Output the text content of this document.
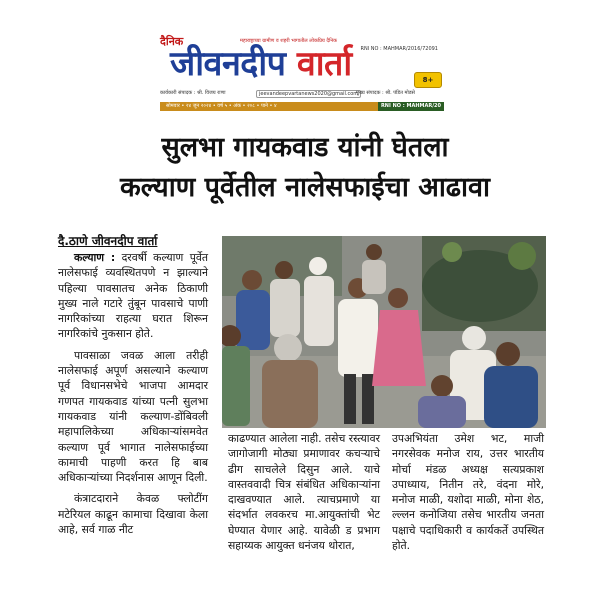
दैनिक	महाराष्ट्राच्या ग्रामीण व शहरी भागातील लोकप्रिय दैनिक
जीवनदीप वार्ता RNI NO : MAHMAR/2016/72091
8+
कार्यकारी संपादक : श्री. विजय राणा	jeevandeepvartanews2020@gmail.com
मुख्य संपादक : श्री. पंडित मोडसे
सोमवार • २४ जून २०२४ • वर्ष ५ • अंक • २०८ • पाने • ४	RNI NO : MAHMAR/20
सुलभा गायकवाड यांनी घेतला
कल्याण पूर्वेतील नालेसफाईचा आढावा
दै.ठाणे जीवनदीप वार्ता

कल्याण : दरवर्षी कल्याण पूर्वेत नालेसफाई व्यवस्थितपणे न झाल्याने पहिल्या पावसातच अनेक ठिकाणी मुख्य नाले गटारे तुंबून पावसाचे पाणी नागरिकांच्या राहत्या घरात शिरून नागरिकांचे नुकसान होते.

पावसाळा जवळ आला तरीही नालेसफाई अपूर्ण असल्याने कल्याण पूर्व विधानसभेचे भाजपा आमदार गणपत गायकवाड यांच्या पत्नी सुलभा गायकवाड यांनी कल्याण-डोंबिवली महापालिकेच्या अधिकाऱ्यांसमवेत कल्याण पूर्व भागात नालेसफाईच्या कामाची पाहणी करत हि बाब अधिकाऱ्यांच्या निदर्शनास आणून दिली.

कंत्राटदाराने केवळ फ्लोटींग मटेरियल काढून कामाचा दिखावा केला आहे, सर्व गाळ नीट

काढण्यात आलेला नाही. तसेच रस्त्यावर जागोजागी मोठ्या प्रमाणावर कचऱ्याचे ढीग साचलेले दिसुन आले. याचे वास्तववादी चित्र संबंधित अधिकाऱ्यांना दाखवण्यात आले. त्याचप्रमाणे या संदर्भात लवकरच मा.आयुक्तांची भेट घेण्यात येणार आहे. यावेळी ड प्रभाग सहाय्यक आयुक्त धनंजय थोरात,

उपअभियंता उमेश भट, माजी नगरसेवक मनोज राय, उत्तर भारतीय मोर्चा मंडळ अध्यक्ष सत्यप्रकाश उपाध्याय, नितीन तरे, वंदना मोरे, मनोज माळी, यशोदा माळी, मोना शेठ, ल्ल्लन कनोजिया तसेच भारतीय जनता पक्षाचे पदाधिकारी व कार्यकर्ते उपस्थित होते.
